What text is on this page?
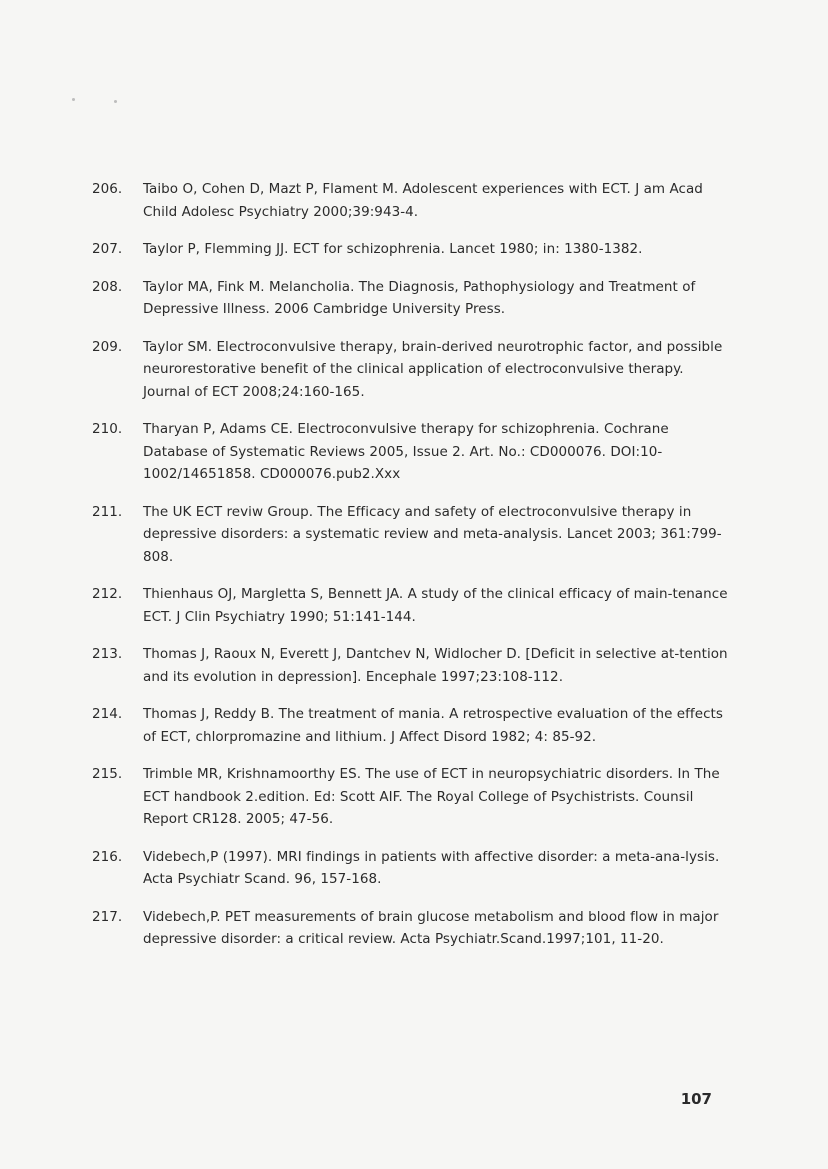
206.	Taibo O, Cohen D, Mazt P, Flament M. Adolescent experiences with ECT. J am Acad Child Adolesc Psychiatry 2000;39:943-4.
207.	Taylor P, Flemming JJ. ECT for schizophrenia. Lancet 1980; in: 1380-1382.
208.	Taylor MA, Fink M. Melancholia. The Diagnosis, Pathophysiology and Treatment of Depressive Illness. 2006 Cambridge University Press.
209.	Taylor SM. Electroconvulsive therapy, brain-derived neurotrophic factor, and possible neurorestorative benefit of the clinical application of electroconvulsive therapy. Journal of ECT 2008;24:160-165.
210.	Tharyan P, Adams CE. Electroconvulsive therapy for schizophrenia. Cochrane Database of Systematic Reviews 2005, Issue 2. Art. No.: CD000076. DOI:10-1002/14651858. CD000076.pub2.Xxx
211.	The UK ECT reviw Group. The Efficacy and safety of electroconvulsive therapy in depressive disorders: a systematic review and meta-analysis. Lancet 2003; 361:799-808.
212.	Thienhaus OJ, Margletta S, Bennett JA. A study of the clinical efficacy of main-tenance ECT. J Clin Psychiatry 1990; 51:141-144.
213.	Thomas J, Raoux N, Everett J, Dantchev N, Widlocher D. [Deficit in selective at-tention and its evolution in depression]. Encephale 1997;23:108-112.
214.	Thomas J, Reddy B. The treatment of mania. A retrospective evaluation of the effects of ECT, chlorpromazine and lithium. J Affect Disord 1982; 4: 85-92.
215.	Trimble MR, Krishnamoorthy ES. The use of ECT in neuropsychiatric disorders. In The ECT handbook 2.edition. Ed: Scott AIF. The Royal College of Psychistrists. Counsil Report CR128. 2005; 47-56.
216.	Videbech,P (1997). MRI findings in patients with affective disorder: a meta-ana-lysis. Acta Psychiatr Scand. 96, 157-168.
217.	Videbech,P. PET measurements of brain glucose metabolism and blood flow in major depressive disorder: a critical review. Acta Psychiatr.Scand.1997;101, 11-20.
107
